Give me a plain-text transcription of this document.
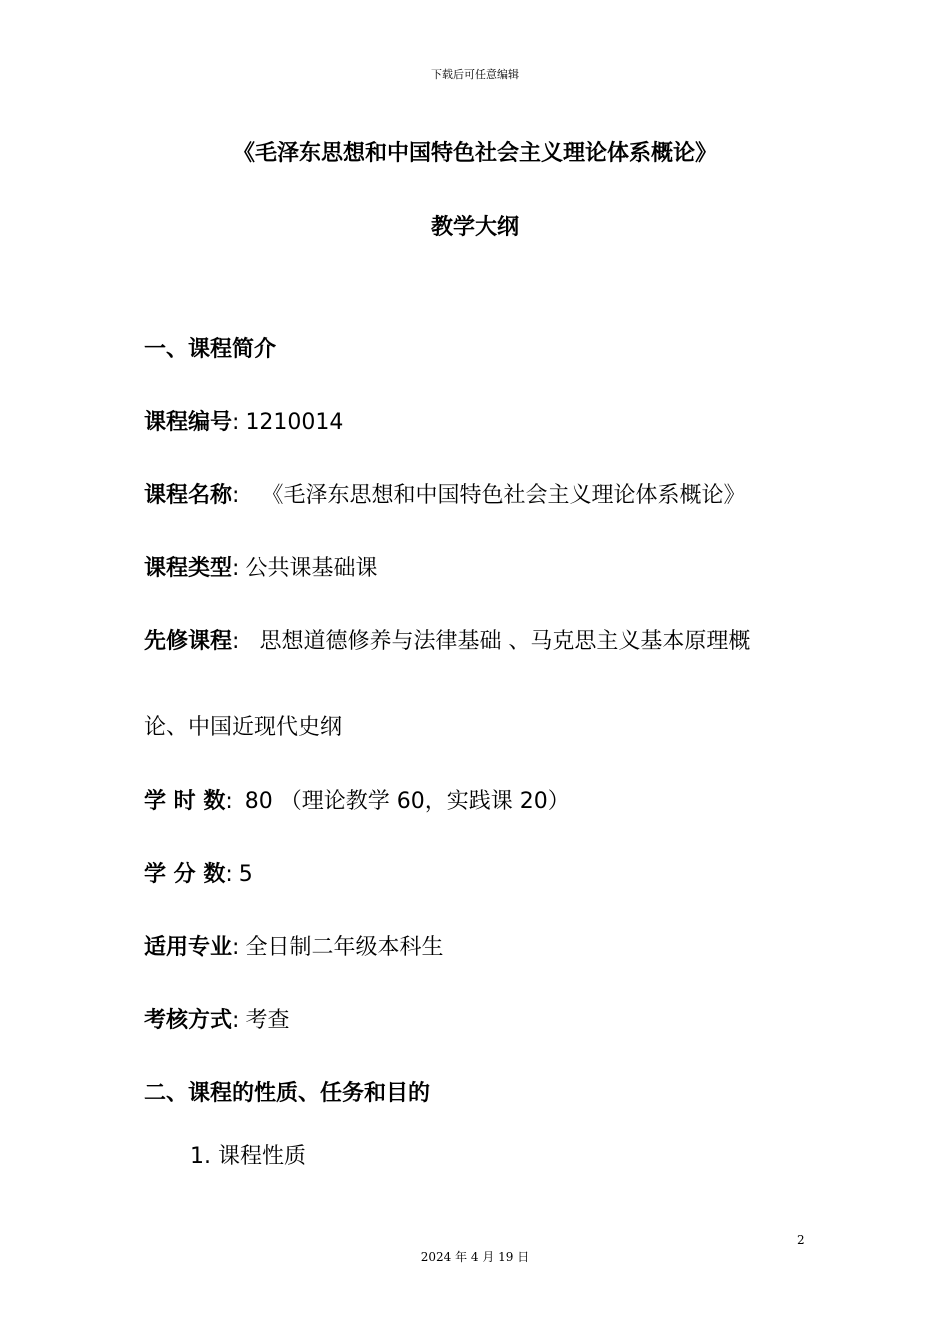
下载后可任意编辑
《毛泽东思想和中国特色社会主义理论体系概论》
教学大纲
一、课程简介
课程编号: 1210014
课程名称: 《毛泽东思想和中国特色社会主义理论体系概论》
课程类型: 公共课基础课
先修课程: 思想道德修养与法律基础 、马克思主义基本原理概
论、中国近现代史纲
学 时 数: 80 （理论教学 60，实践课 20）
学 分 数: 5
适用专业: 全日制二年级本科生
考核方式: 考查
二、课程的性质、任务和目的
1. 课程性质
2
2024 年 4 月 19 日
